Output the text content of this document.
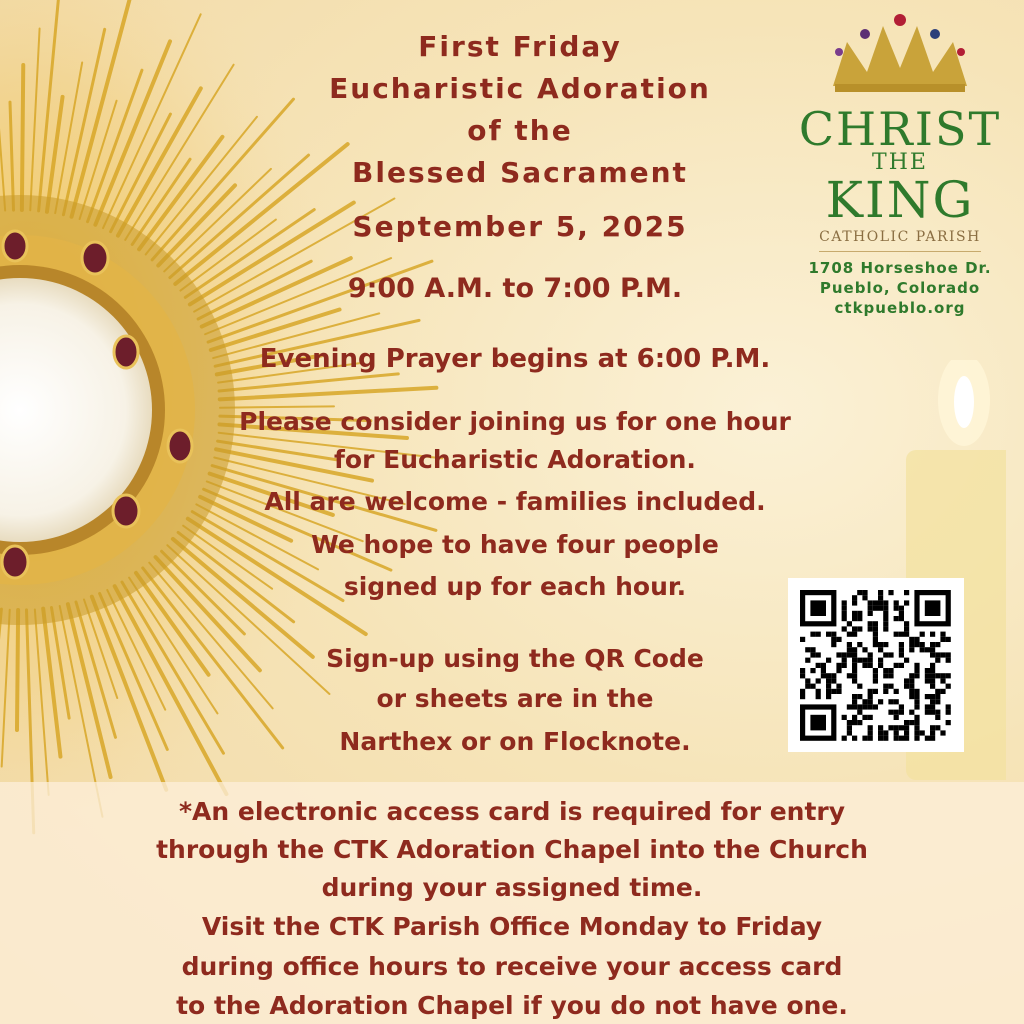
First Friday
Eucharistic Adoration
of the
Blessed Sacrament
September 5, 2025
9:00 A.M. to 7:00 P.M.
Evening Prayer begins at 6:00 P.M.
Please consider joining us for one hour
for Eucharistic Adoration.
All are welcome - families included.
We hope to have four people
signed up for each hour.
Sign-up using the QR Code
or sheets are in the
Narthex or on Flocknote.
CHRIST
THE
KING
CATHOLIC PARISH
1708 Horseshoe Dr.
Pueblo, Colorado
ctkpueblo.org
*An electronic access card is required for entry
through the CTK Adoration Chapel into the Church
during your assigned time.
Visit the CTK Parish Office Monday to Friday
during office hours to receive your access card
to the Adoration Chapel if you do not have one.
